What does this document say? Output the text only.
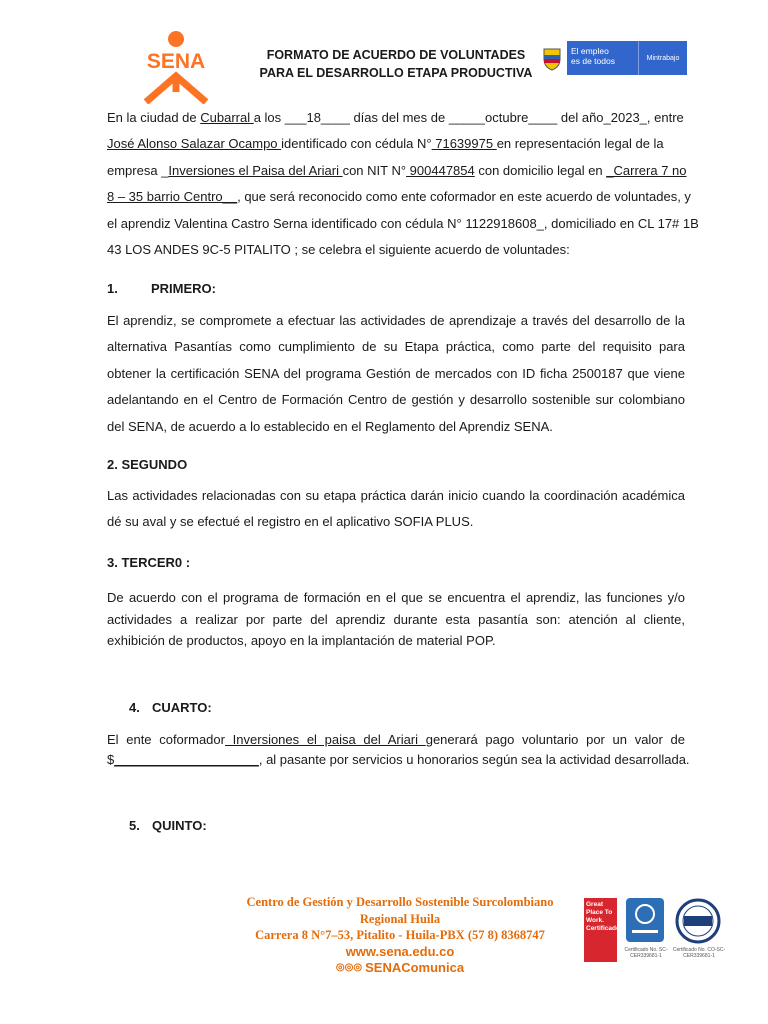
SENA	FORMATO DE ACUERDO DE VOLUNTADES
PARA EL DESARROLLO ETAPA PRODUCTIVA
El empleo
es de todos	Mintrabajo
En la ciudad de Cubarral a los ___18____ días del mes de _____octubre____ del año_2023_, entre
José Alonso Salazar Ocampo identificado con cédula N° 71639975 en representación legal de la
empresa _Inversiones el Paisa del Ariari con NIT N° 900447854 con domicilio legal en _Carrera 7 no
8 – 35 barrio Centro__, que será reconocido como ente coformador en este acuerdo de voluntades, y
el aprendiz Valentina Castro Serna identificado con cédula N° 1122918608_, domiciliado en CL 17# 1B
43 LOS ANDES 9C-5 PITALITO ; se celebra el siguiente acuerdo de voluntades:
1.	PRIMERO:
El aprendiz, se compromete a efectuar las actividades de aprendizaje a través del desarrollo de la alternativa Pasantías como cumplimiento de su Etapa práctica, como parte del requisito para obtener la certificación SENA del programa Gestión de mercados con ID ficha 2500187 que viene adelantando en el Centro de Formación Centro de gestión y desarrollo sostenible sur colombiano del SENA, de acuerdo a lo establecido en el Reglamento del Aprendiz SENA.
2. SEGUNDO
Las actividades relacionadas con su etapa práctica darán inicio cuando la coordinación académica dé su aval y se efectué el registro en el aplicativo SOFIA PLUS.
3. TERCER0 :
De acuerdo con el programa de formación en el que se encuentra el aprendiz, las funciones y/o actividades a realizar por parte del aprendiz durante esta pasantía son: atención al cliente, exhibición de productos, apoyo en la implantación de material POP.
4. CUARTO:
El ente coformador Inversiones el paisa del Ariari generará pago voluntario por un valor de
$____________________, al pasante por servicios u honorarios según sea la actividad desarrollada.
5. QUINTO:
Centro de Gestión y Desarrollo Sostenible Surcolombiano
Regional Huila
Carrera 8 N°7–53, Pitalito - Huila-PBX (57 8) 8368747
www.sena.edu.co
◎◎◎ SENAComunica
Great Place To Work. Certificado
Certificado No. SC-CER339681-1
Certificado No. CO-SC-CER339681-1
